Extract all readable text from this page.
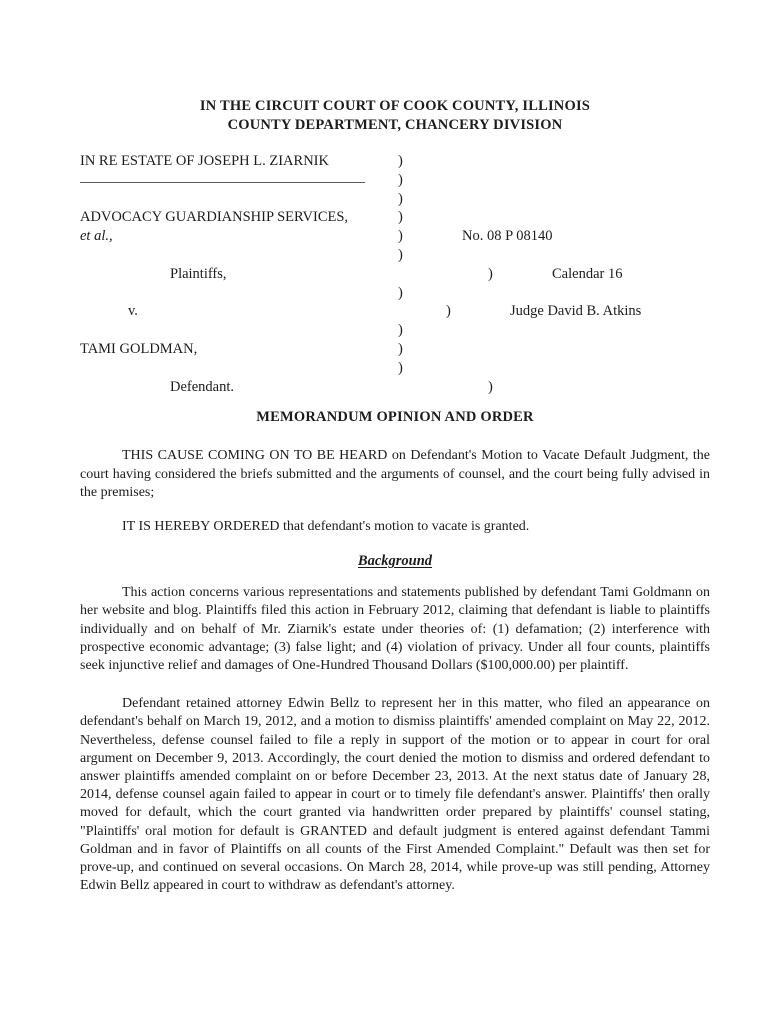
IN THE CIRCUIT COURT OF COOK COUNTY, ILLINOIS
COUNTY DEPARTMENT, CHANCERY DIVISION
IN RE ESTATE OF JOSEPH L. ZIARNIK	)
)
)
ADVOCACY GUARDIANSHIP SERVICES,	)
et al.,	)	No. 08 P 08140
)
Plaintiffs,	)	Calendar 16
)
v.	)	Judge David B. Atkins
)
TAMI GOLDMAN,	)
)
Defendant.	)
MEMORANDUM OPINION AND ORDER

THIS CAUSE COMING ON TO BE HEARD on Defendant's Motion to Vacate Default Judgment, the court having considered the briefs submitted and the arguments of counsel, and the court being fully advised in the premises;

IT IS HEREBY ORDERED that defendant's motion to vacate is granted.

Background

This action concerns various representations and statements published by defendant Tami Goldmann on her website and blog. Plaintiffs filed this action in February 2012, claiming that defendant is liable to plaintiffs individually and on behalf of Mr. Ziarnik's estate under theories of: (1) defamation; (2) interference with prospective economic advantage; (3) false light; and (4) violation of privacy. Under all four counts, plaintiffs seek injunctive relief and damages of One-Hundred Thousand Dollars ($100,000.00) per plaintiff.

Defendant retained attorney Edwin Bellz to represent her in this matter, who filed an appearance on defendant's behalf on March 19, 2012, and a motion to dismiss plaintiffs' amended complaint on May 22, 2012. Nevertheless, defense counsel failed to file a reply in support of the motion or to appear in court for oral argument on December 9, 2013. Accordingly, the court denied the motion to dismiss and ordered defendant to answer plaintiffs amended complaint on or before December 23, 2013. At the next status date of January 28, 2014, defense counsel again failed to appear in court or to timely file defendant's answer. Plaintiffs' then orally moved for default, which the court granted via handwritten order prepared by plaintiffs' counsel stating, "Plaintiffs' oral motion for default is GRANTED and default judgment is entered against defendant Tammi Goldman and in favor of Plaintiffs on all counts of the First Amended Complaint." Default was then set for prove-up, and continued on several occasions. On March 28, 2014, while prove-up was still pending, Attorney Edwin Bellz appeared in court to withdraw as defendant's attorney.
